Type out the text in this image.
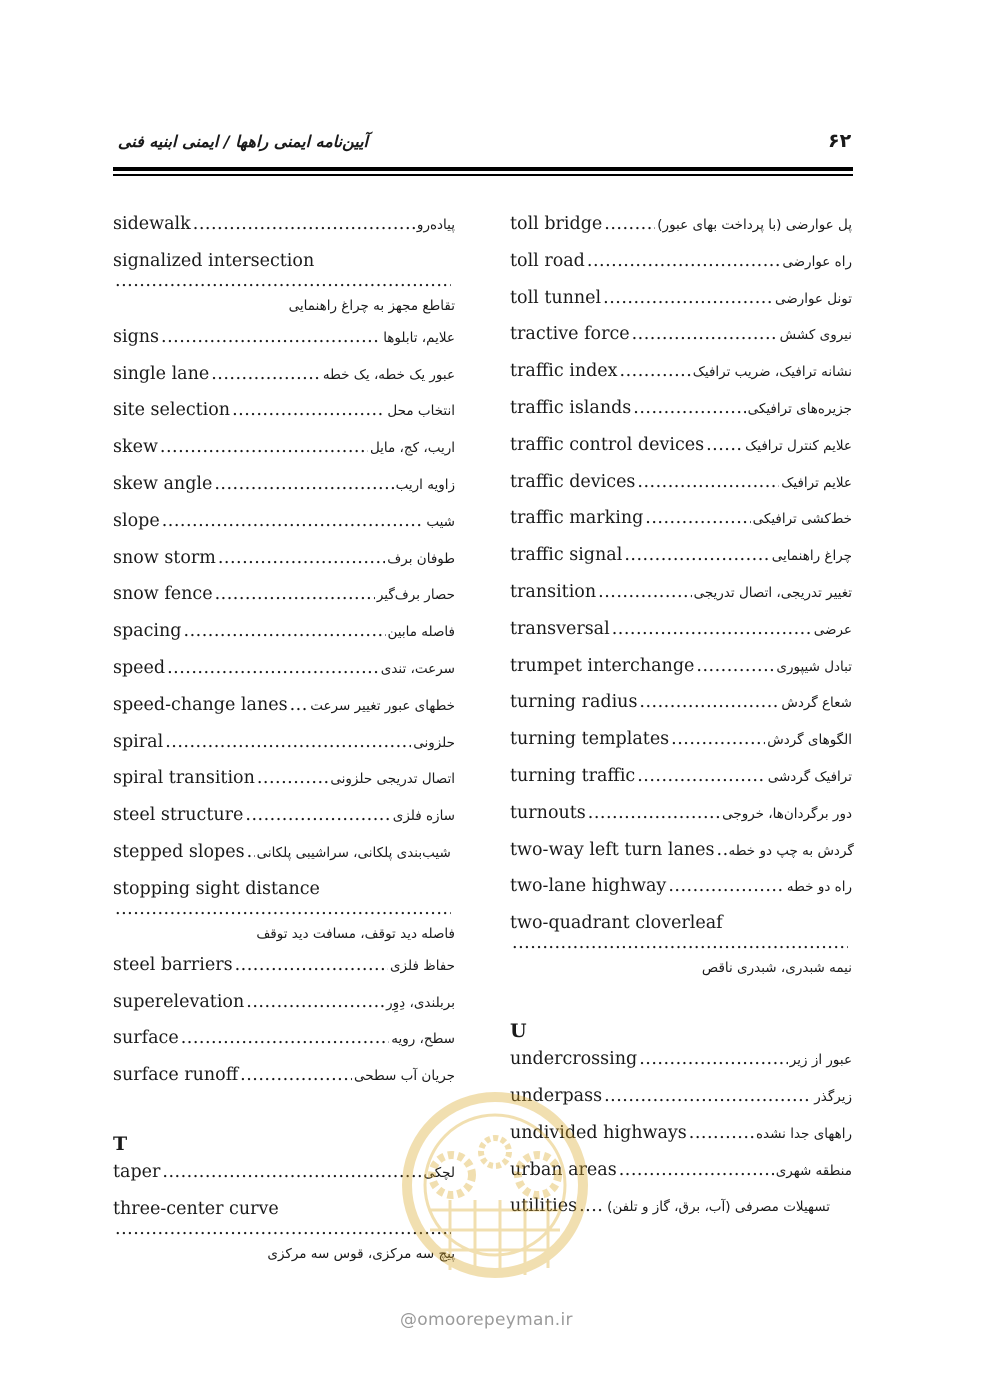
آیین‌نامه ایمنی راهها / ایمنی ابنیه فنی	۶۲
sidewalk .....	پیاده‌رو
signalized intersection
.....
تقاطع مجهز به چراغ راهنمایی
signs .....	علایم، تابلوها
single lane .....	عبور یک خطه، یک خطه
site selection .....	انتخاب محل
skew .....	اریب، کج، مایل
skew angle .....	زاویه اریب
slope .....	شیب
snow storm .....	طوفان برف
snow fence .....	حصار برف‌گیر
spacing .....	فاصله مابین
speed .....	سرعت، تندی
speed-change lanes ..... خطهای عبور تغییر سرعت
spiral .....	حلزونی
spiral transition .....	اتصال تدریجی حلزونی
steel structure .....	سازه فلزی
stepped slopes ..... شیب‌بندی پلکانی، سراشیبی پلکانی
stopping sight distance
.....
فاصله دید توقف، مسافت دید توقف
steel barriers .....	حفاظ فلزی
superelevation .....	بربلندی، دِوِر
surface .....	سطح، رویه
surface runoff .....	جریان آب سطحی
T
taper .....	لچکی
three-center curve
.....
پیچ سه مرکزی، قوس سه مرکزی
toll bridge .....	پل عوارضی (با پرداخت بهای عبور)
toll road .....	راه عوارضی
toll tunnel .....	تونل عوارضی
tractive force .....	نیروی کشش
traffic index .....	نشانه ترافیک، ضریب ترافیک
traffic islands .....	جزیره‌های ترافیکی
traffic control devices .....	علایم کنترل ترافیک
traffic devices .....	علایم ترافیک
traffic marking .....	خط‌کشی ترافیکی
traffic signal .....	چراغ راهنمایی
transition .....	تغییر تدریجی، اتصال تدریجی
transversal .....	عرضی
trumpet interchange .....	تبادل شیپوری
turning radius .....	شعاع گردش
turning templates .....	الگوهای گردش
turning traffic .....	ترافیک گردشی
turnouts .....	دور برگردان‌ها، خروجی
two-way left turn lanes ..... گردش به چپ دو خطه
two-lane highway .....	راه دو خطه
two-quadrant cloverleaf
.....
نیمه شبدری، شبدری ناقص
U
undercrossing .....	عبور از زیر
underpass .....	زیرگذر
undivided highways .....	راههای جدا نشده
urban areas .....	منطقه شهری
utilities ..... تسهیلات مصرفی (آب، برق، گاز و تلفن)
@omoorepeyman.ir
